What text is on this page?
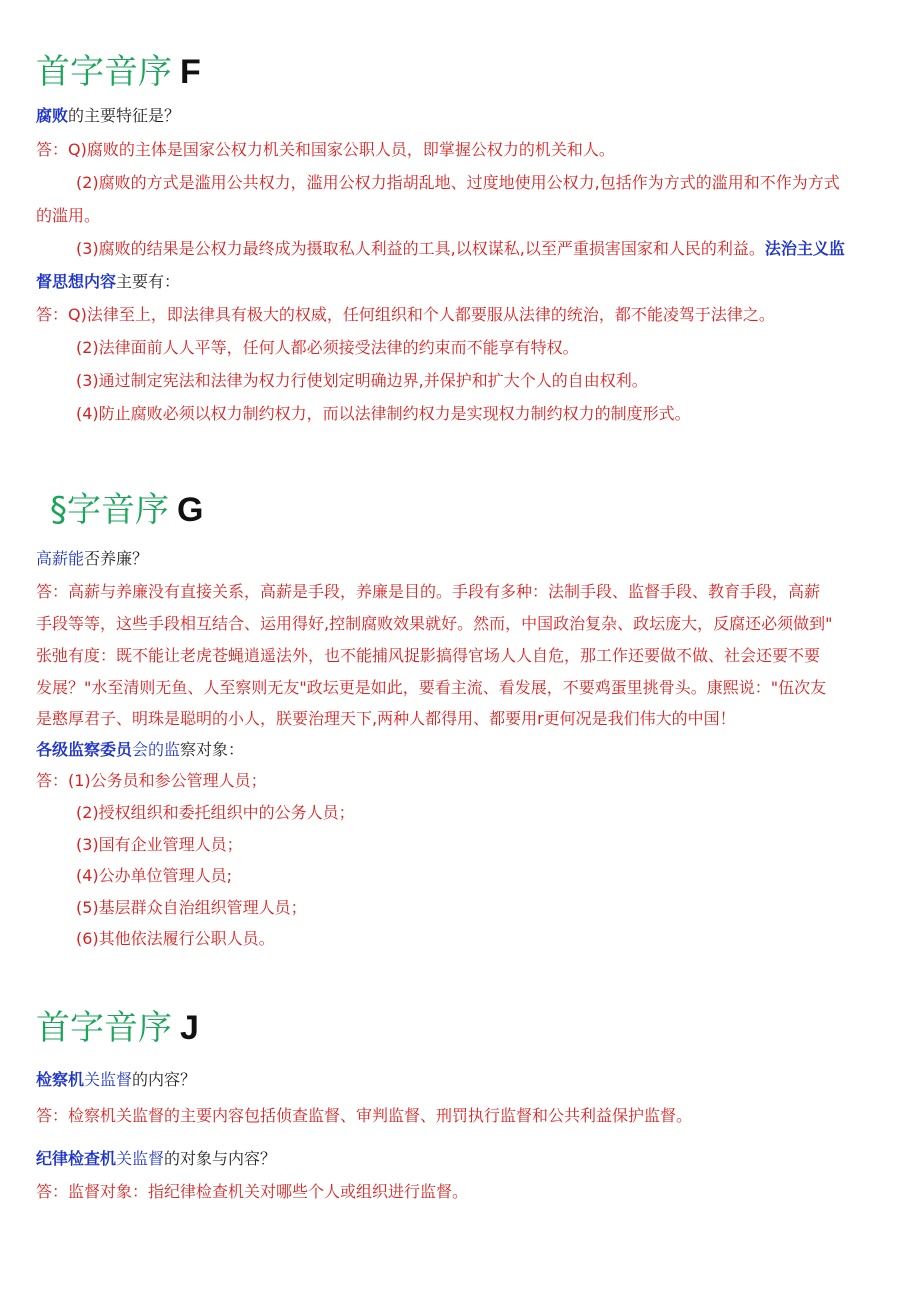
首字音序 F
腐败的主要特征是？
答：Q)腐败的主体是国家公权力机关和国家公职人员，即掌握公权力的机关和人。
(2)腐败的方式是滥用公共权力，滥用公权力指胡乱地、过度地使用公权力,包括作为方式的滥用和不作为方式
的滥用。
(3)腐败的结果是公权力最终成为摄取私人利益的工具,以权谋私,以至严重损害国家和人民的利益。法治主义监
督思想内容主要有：
答：Q)法律至上，即法律具有极大的权威，任何组织和个人都要服从法律的统治，都不能凌驾于法律之。
(2)法律面前人人平等，任何人都必须接受法律的约束而不能享有特权。
(3)通过制定宪法和法律为权力行使划定明确边界,并保护和扩大个人的自由权利。
(4)防止腐败必须以权力制约权力，而以法律制约权力是实现权力制约权力的制度形式。
§字音序 G
高薪能否养廉？
答：高薪与养廉没有直接关系，高薪是手段，养廉是目的。手段有多种：法制手段、监督手段、教育手段，高薪
手段等等，这些手段相互结合、运用得好,控制腐败效果就好。然而，中国政治复杂、政坛庞大，反腐还必须做到"
张弛有度：既不能让老虎苍蝇逍遥法外，也不能捕风捉影搞得官场人人自危，那工作还要做不做、社会还要不要
发展？"水至清则无鱼、人至察则无友"政坛更是如此，要看主流、看发展，不要鸡蛋里挑骨头。康熙说："伍次友
是憨厚君子、明珠是聪明的小人，朕要治理天下,两种人都得用、都要用r更何况是我们伟大的中国！
各级监察委员会的监察对象：
答：(1)公务员和参公管理人员；
(2)授权组织和委托组织中的公务人员；
(3)国有企业管理人员；
(4)公办单位管理人员;
(5)基层群众自治组织管理人员；
(6)其他依法履行公职人员。
首字音序 J
检察机关监督的内容？
答：检察机关监督的主要内容包括侦查监督、审判监督、刑罚执行监督和公共利益保护监督。
纪律检查机关监督的对象与内容？
答：监督对象：指纪律检查机关对哪些个人或组织进行监督。
